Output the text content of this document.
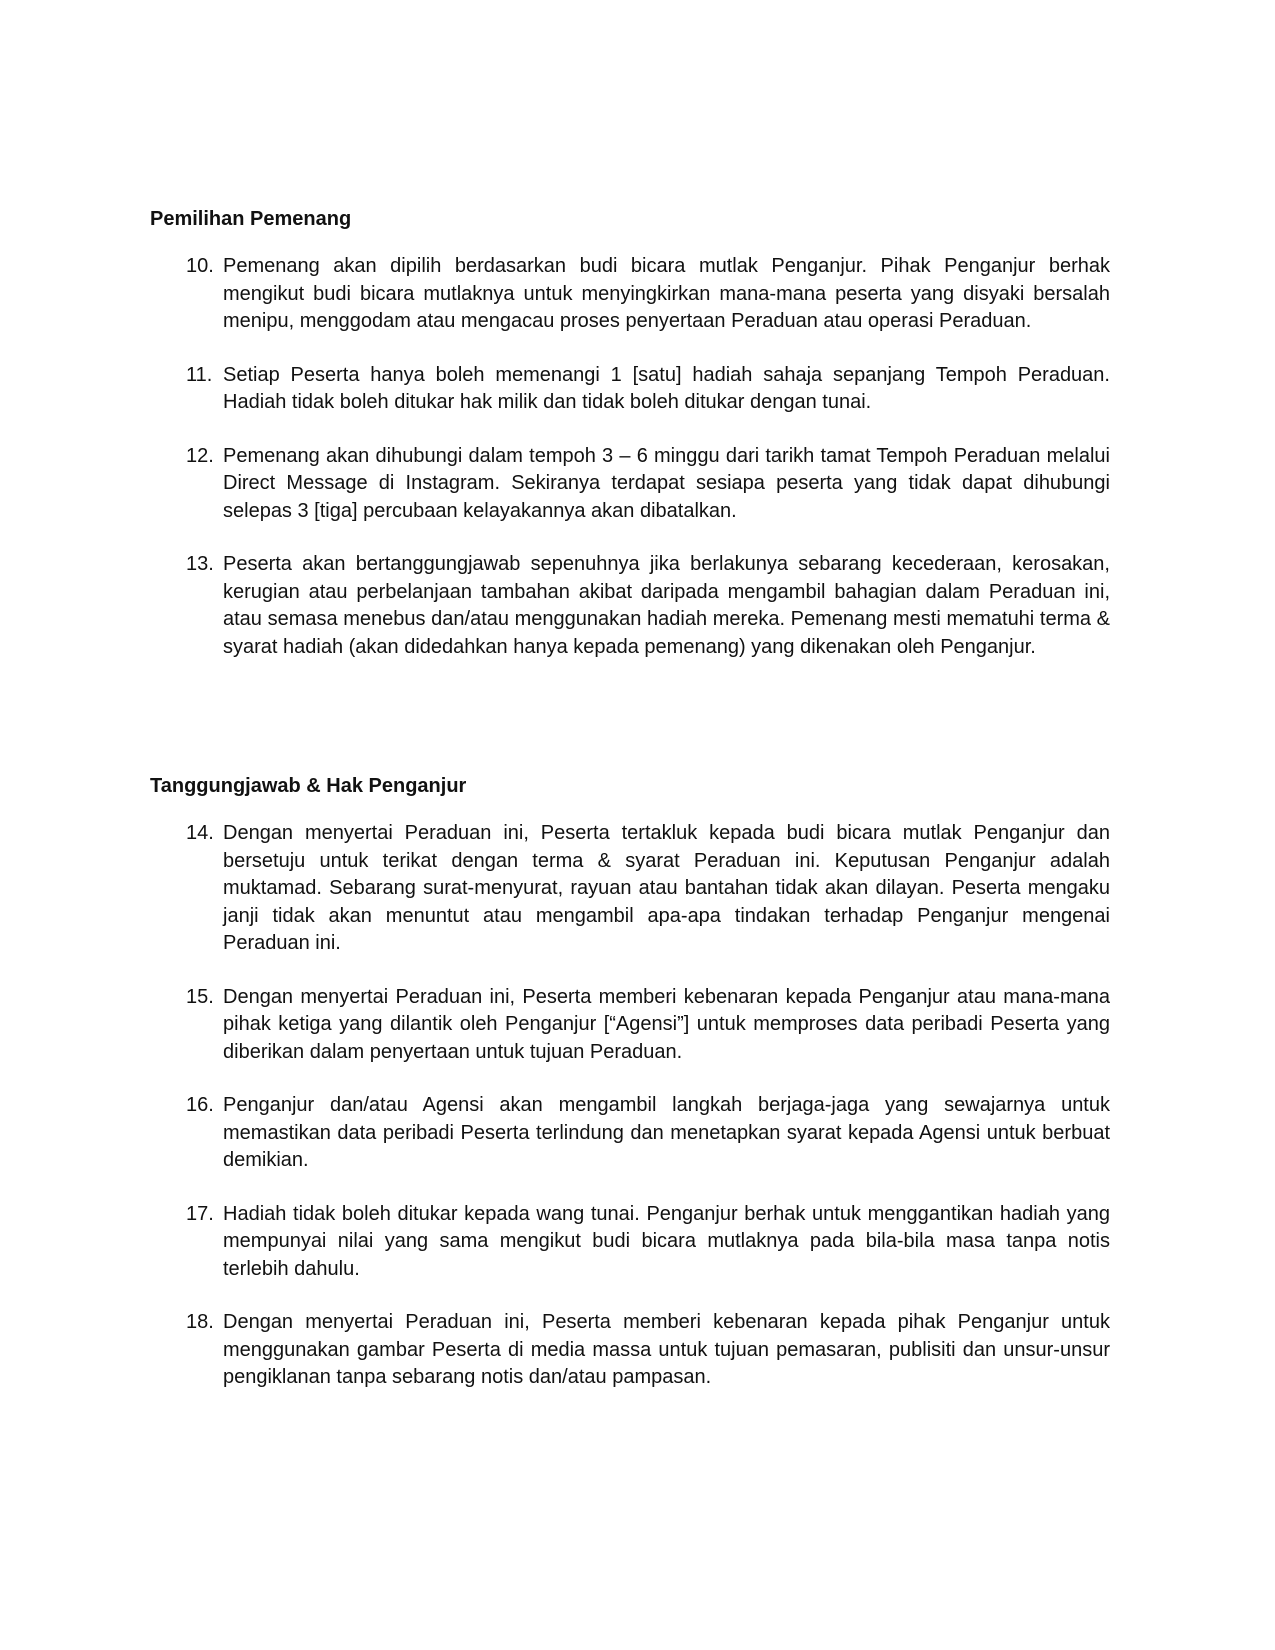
Pemilihan Pemenang
10. Pemenang akan dipilih berdasarkan budi bicara mutlak Penganjur. Pihak Penganjur berhak mengikut budi bicara mutlaknya untuk menyingkirkan mana-mana peserta yang disyaki bersalah menipu, menggodam atau mengacau proses penyertaan Peraduan atau operasi Peraduan.
11. Setiap Peserta hanya boleh memenangi 1 [satu] hadiah sahaja sepanjang Tempoh Peraduan. Hadiah tidak boleh ditukar hak milik dan tidak boleh ditukar dengan tunai.
12. Pemenang akan dihubungi dalam tempoh 3 – 6 minggu dari tarikh tamat Tempoh Peraduan melalui Direct Message di Instagram. Sekiranya terdapat sesiapa peserta yang tidak dapat dihubungi selepas 3 [tiga] percubaan kelayakannya akan dibatalkan.
13. Peserta akan bertanggungjawab sepenuhnya jika berlakunya sebarang kecederaan, kerosakan, kerugian atau perbelanjaan tambahan akibat daripada mengambil bahagian dalam Peraduan ini, atau semasa menebus dan/atau menggunakan hadiah mereka. Pemenang mesti mematuhi terma & syarat hadiah (akan didedahkan hanya kepada pemenang) yang dikenakan oleh Penganjur.
Tanggungjawab & Hak Penganjur
14. Dengan menyertai Peraduan ini, Peserta tertakluk kepada budi bicara mutlak Penganjur dan bersetuju untuk terikat dengan terma & syarat Peraduan ini. Keputusan Penganjur adalah muktamad. Sebarang surat-menyurat, rayuan atau bantahan tidak akan dilayan. Peserta mengaku janji tidak akan menuntut atau mengambil apa-apa tindakan terhadap Penganjur mengenai Peraduan ini.
15. Dengan menyertai Peraduan ini, Peserta memberi kebenaran kepada Penganjur atau mana-mana pihak ketiga yang dilantik oleh Penganjur [“Agensi”] untuk memproses data peribadi Peserta yang diberikan dalam penyertaan untuk tujuan Peraduan.
16. Penganjur dan/atau Agensi akan mengambil langkah berjaga-jaga yang sewajarnya untuk memastikan data peribadi Peserta terlindung dan menetapkan syarat kepada Agensi untuk berbuat demikian.
17. Hadiah tidak boleh ditukar kepada wang tunai. Penganjur berhak untuk menggantikan hadiah yang mempunyai nilai yang sama mengikut budi bicara mutlaknya pada bila-bila masa tanpa notis terlebih dahulu.
18. Dengan menyertai Peraduan ini, Peserta memberi kebenaran kepada pihak Penganjur untuk menggunakan gambar Peserta di media massa untuk tujuan pemasaran, publisiti dan unsur-unsur pengiklanan tanpa sebarang notis dan/atau pampasan.
